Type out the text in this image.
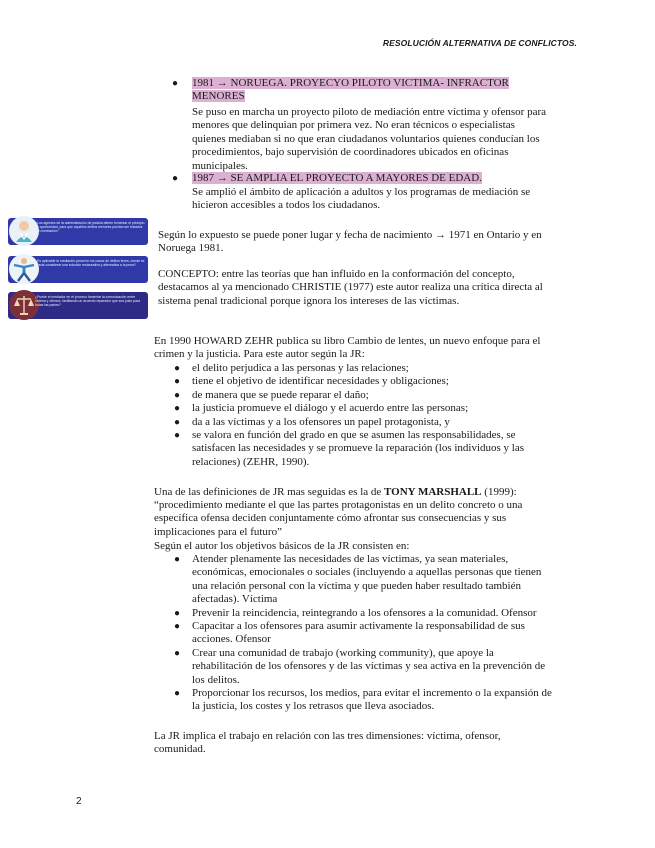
RESOLUCIÓN ALTERNATIVA DE CONFLICTOS.
● 1981 → NORUEGA. PROYECYO PILOTO VICTIMA- INFRACTOR
MENORES
Se puso en marcha un proyecto piloto de mediación entre víctima y ofensor para
menores que delinquian por primera vez. No eran técnicos o especialistas
quienes mediaban si no que eran ciudadanos voluntarios quienes conducían los
procedimientos, bajo supervisión de coordinadores ubicados en oficinas
municipales.
● 1987 → SE AMPLIA EL PROYECTO A MAYORES DE EDAD.
Se amplió el ámbito de aplicación a adultos y los programas de mediación se
hicieron accesibles a todos los ciudadanos.
¿Los agentes de la administración de justicia deben fomentar el principio de oportunidad, para que aquellos delitos menores puedan ser tratados con mediación?
¿Es aplicable la mediación penal en los casos de delitos leves, donde se pueda considerar una solución restaurativa y alternativa a la pena?
¿Puede el mediador en el proceso fomentar la comunicación entre víctima y ofensor, facilitando un acuerdo reparador que sea justo para todas las partes?
Según lo expuesto se puede poner lugar y fecha de nacimiento → 1971 en Ontario y en
Noruega 1981.
CONCEPTO: entre las teorías que han influido en la conformación del concepto,
destacamos al ya mencionado CHRISTIE (1977) este autor realiza una crítica directa al
sistema penal tradicional porque ignora los intereses de las víctimas.
En 1990 HOWARD ZEHR publica su libro Cambio de lentes, un nuevo enfoque para el
crimen y la justicia. Para este autor según la JR:
● el delito perjudica a las personas y las relaciones;
● tiene el objetivo de identificar necesidades y obligaciones;
● de manera que se puede reparar el daño;
● la justicia promueve el diálogo y el acuerdo entre las personas;
● da a las víctimas y a los ofensores un papel protagonista, y
● se valora en función del grado en que se asumen las responsabilidades, se
satisfacen las necesidades y se promueve la reparación (los individuos y las
relaciones) (ZEHR, 1990).
Una de las definiciones de JR mas seguidas es la de TONY MARSHALL (1999):
“procedimiento mediante el que las partes protagonistas en un delito concreto o una
específica ofensa deciden conjuntamente cómo afrontar sus consecuencias y sus
implicaciones para el futuro”
Según el autor los objetivos básicos de la JR consisten en:
● Atender plenamente las necesidades de las víctimas, ya sean materiales,
económicas, emocionales o sociales (incluyendo a aquellas personas que tienen
una relación personal con la víctima y que pueden haber resultado también
afectadas). Víctima
● Prevenir la reincidencia, reintegrando a los ofensores a la comunidad. Ofensor
● Capacitar a los ofensores para asumir activamente la responsabilidad de sus
acciones. Ofensor
● Crear una comunidad de trabajo (working community), que apoye la
rehabilitación de los ofensores y de las víctimas y sea activa en la prevención de
los delitos.
● Proporcionar los recursos, los medios, para evitar el incremento o la expansión de
la justicia, los costes y los retrasos que lleva asociados.
La JR implica el trabajo en relación con las tres dimensiones: víctima, ofensor,
comunidad.
2
